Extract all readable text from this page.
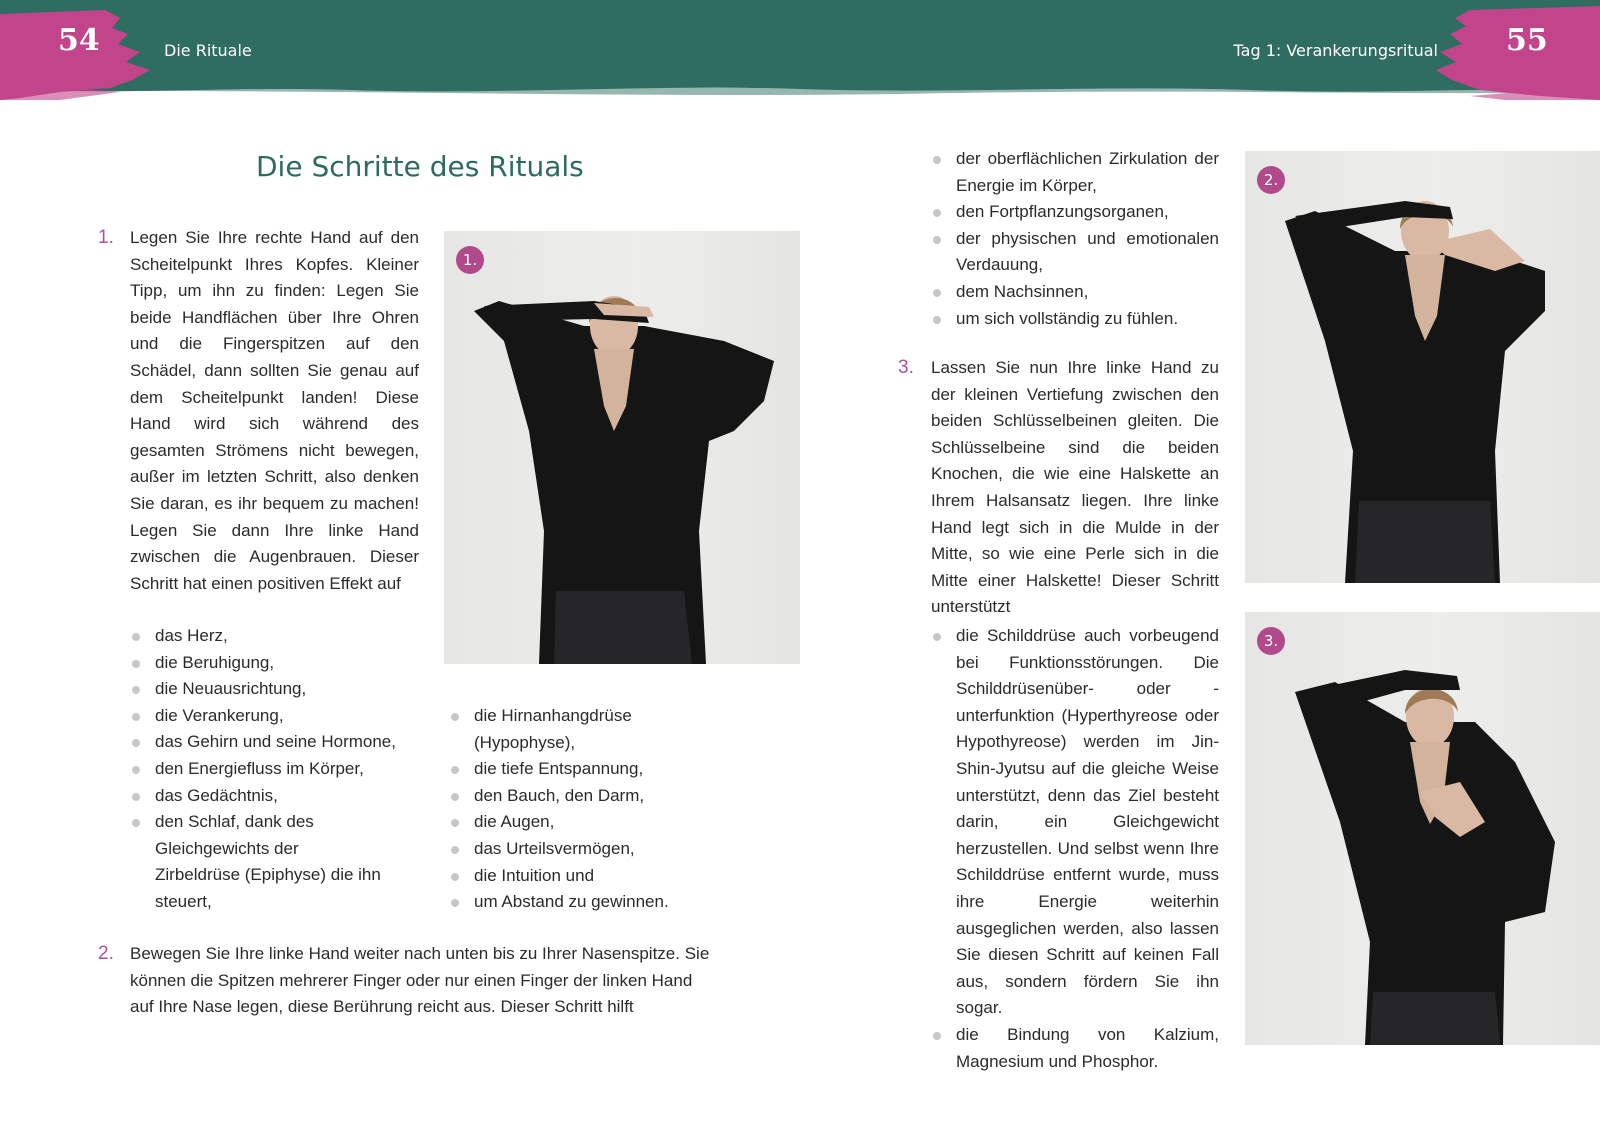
54	Die Rituale	Tag 1: Verankerungsritual 55
Die Schritte des Rituals
1. Legen Sie Ihre rechte Hand auf den Scheitelpunkt Ihres Kopfes. Kleiner Tipp, um ihn zu finden: Legen Sie beide Handflächen über Ihre Ohren und die Fingerspitzen auf den Schädel, dann sollten Sie genau auf dem Scheitelpunkt landen! Diese Hand wird sich während des gesamten Strömens nicht bewegen, außer im letzten Schritt, also denken Sie daran, es ihr bequem zu machen! Legen Sie dann Ihre linke Hand zwischen die Augenbrauen. Dieser Schritt hat einen positiven Effekt auf

1.
das Herz,
die Beruhigung,
die Neuausrichtung,
die Verankerung,
das Gehirn und seine Hormone,
den Energiefluss im Körper,
das Gedächtnis,
den Schlaf, dank des Gleichgewichts der Zirbeldrüse (Epiphyse) die ihn steuert,
die Hirnanhangdrüse (Hypophyse),
die tiefe Entspannung,
den Bauch, den Darm,
die Augen,
das Urteilsvermögen,
die Intuition und
um Abstand zu gewinnen.
2. Bewegen Sie Ihre linke Hand weiter nach unten bis zu Ihrer Nasenspitze. Sie können die Spitzen mehrerer Finger oder nur einen Finger der linken Hand auf Ihre Nase legen, diese Berührung reicht aus. Dieser Schritt hilft

der oberflächlichen Zirkulation der Energie im Körper,
den Fortpflanzungsorganen,
der physischen und emotionalen Verdauung,
dem Nachsinnen,
um sich vollständig zu fühlen.
2.
3. Lassen Sie nun Ihre linke Hand zu der kleinen Vertiefung zwischen den beiden Schlüsselbeinen gleiten. Die Schlüsselbeine sind die beiden Knochen, die wie eine Halskette an Ihrem Halsansatz liegen. Ihre linke Hand legt sich in die Mulde in der Mitte, so wie eine Perle sich in die Mitte einer Halskette! Dieser Schritt unterstützt

die Schilddrüse auch vorbeugend bei Funktionsstörungen. Die Schilddrüsenüber- oder -unterfunktion (Hyperthyreose oder Hypothyreose) werden im Jin-Shin-Jyutsu auf die gleiche Weise unterstützt, denn das Ziel besteht darin, ein Gleichgewicht herzustellen. Und selbst wenn Ihre Schilddrüse entfernt wurde, muss ihre Energie weiterhin ausgeglichen werden, also lassen Sie diesen Schritt auf keinen Fall aus, sondern fördern Sie ihn sogar.
die Bindung von Kalzium, Magnesium und Phosphor.
3.
